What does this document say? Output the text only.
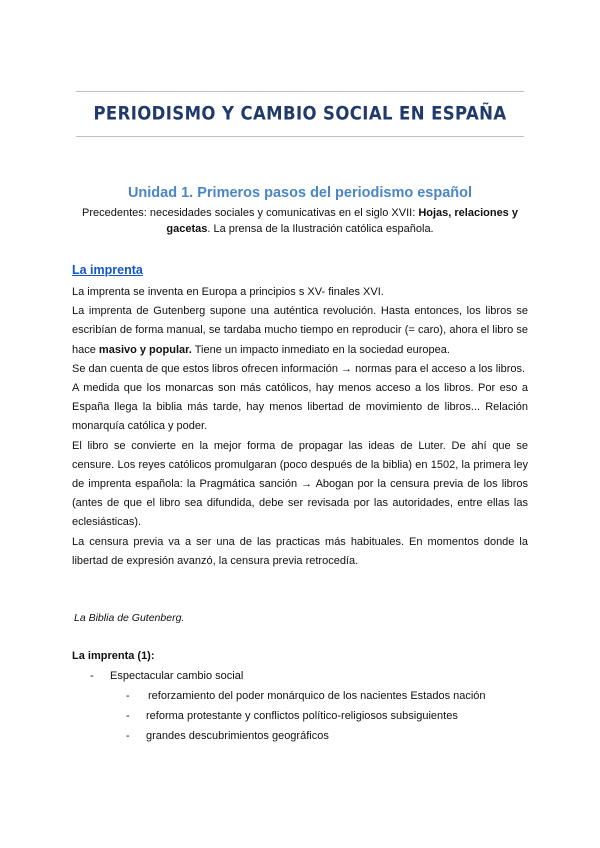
PERIODISMO Y CAMBIO SOCIAL EN ESPAÑA
Unidad 1. Primeros pasos del periodismo español
Precedentes: necesidades sociales y comunicativas en el siglo XVII: Hojas, relaciones y gacetas. La prensa de la Ilustración católica española.
La imprenta

La imprenta se inventa en Europa a principios s XV- finales XVI.

La imprenta de Gutenberg supone una auténtica revolución. Hasta entonces, los libros se escribían de forma manual, se tardaba mucho tiempo en reproducir (= caro), ahora el libro se hace masivo y popular. Tiene un impacto inmediato en la sociedad europea.

Se dan cuenta de que estos libros ofrecen información → normas para el acceso a los libros.

A medida que los monarcas son más católicos, hay menos acceso a los libros. Por eso a España llega la biblia más tarde, hay menos libertad de movimiento de libros... Relación monarquía católica y poder.

El libro se convierte en la mejor forma de propagar las ideas de Luter. De ahí que se censure. Los reyes católicos promulgaran (poco después de la biblia) en 1502, la primera ley de imprenta española: la Pragmática sanción → Abogan por la censura previa de los libros (antes de que el libro sea difundida, debe ser revisada por las autoridades, entre ellas las eclesiásticas).

La censura previa va a ser una de las practicas más habituales. En momentos donde la libertad de expresión avanzó, la censura previa retrocedía.

La Biblia de Gutenberg.
La imprenta (1):
- Espectacular cambio social
- reforzamiento del poder monárquico de los nacientes Estados nación
- reforma protestante y conflictos político-religiosos subsiguientes
- grandes descubrimientos geográficos
